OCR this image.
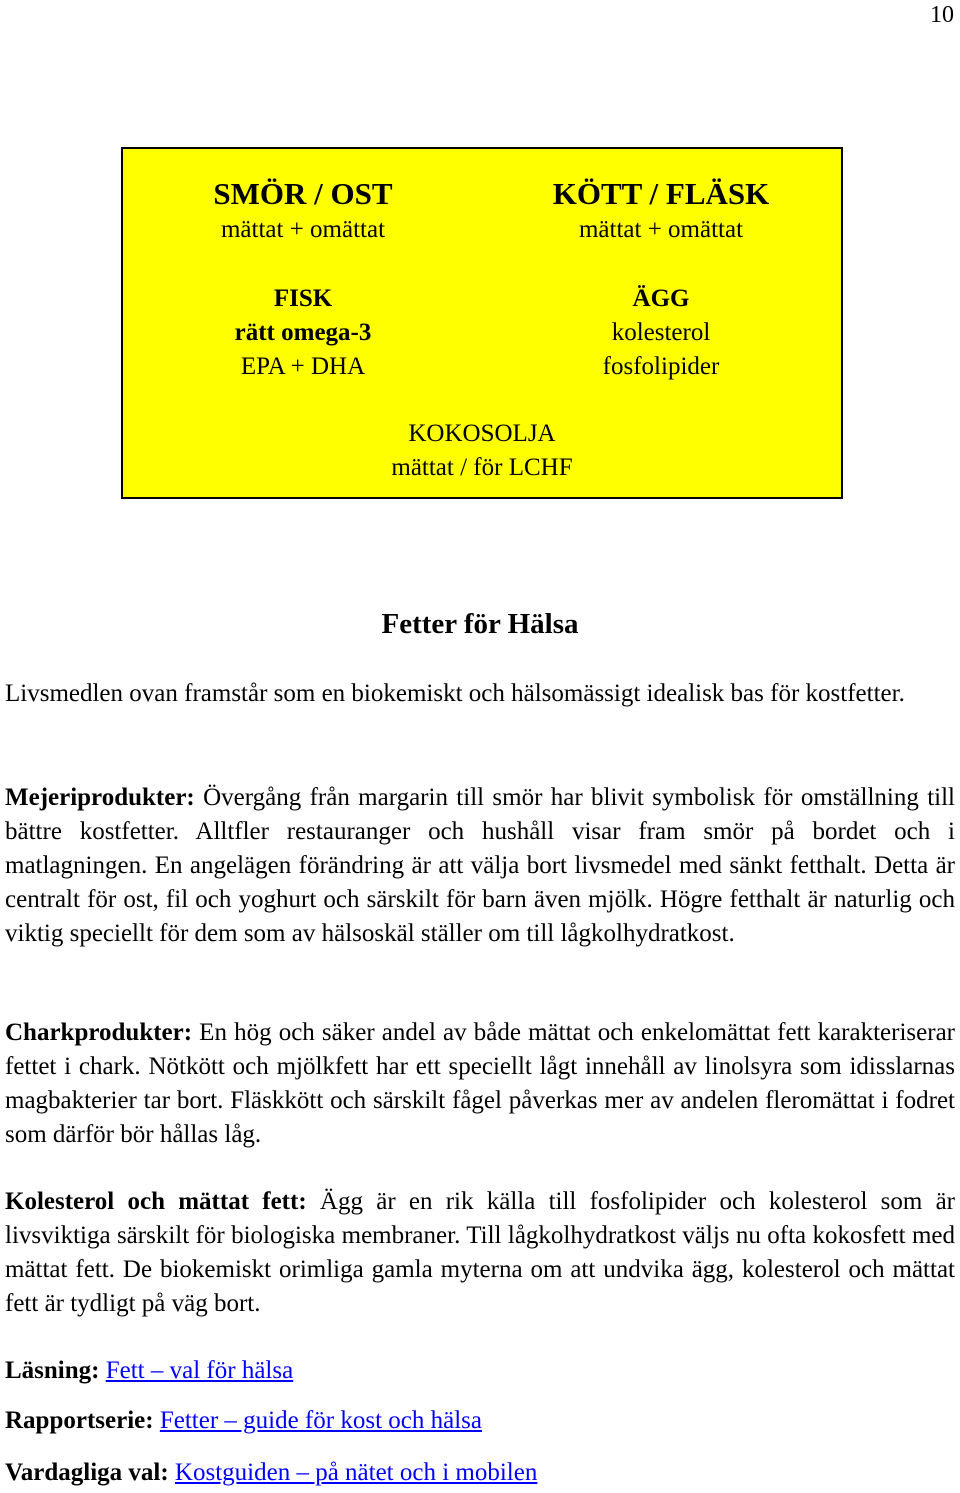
10
SMÖR / OST
mättat + omättat
KÖTT / FLÄSK
mättat + omättat
FISK
rätt omega-3
EPA + DHA
ÄGG
kolesterol
fosfolipider
KOKOSOLJA
mättat / för LCHF
Fetter för Hälsa

Livsmedlen ovan framstår som en biokemiskt och hälsomässigt idealisk bas för kostfetter.

Mejeriprodukter: Övergång från margarin till smör har blivit symbolisk för omställning till bättre kostfetter. Alltfler restauranger och hushåll visar fram smör på bordet och i matlagningen. En angelägen förändring är att välja bort livsmedel med sänkt fetthalt. Detta är centralt för ost, fil och yoghurt och särskilt för barn även mjölk. Högre fetthalt är naturlig och viktig speciellt för dem som av hälsoskäl ställer om till lågkolhydratkost.

Charkprodukter: En hög och säker andel av både mättat och enkelomättat fett karakteriserar fettet i chark. Nötkött och mjölkfett har ett speciellt lågt innehåll av linolsyra som idisslarnas magbakterier tar bort. Fläskkött och särskilt fågel påverkas mer av andelen fleromättat i fodret som därför bör hållas låg.

Kolesterol och mättat fett: Ägg är en rik källa till fosfolipider och kolesterol som är livsviktiga särskilt för biologiska membraner. Till lågkolhydratkost väljs nu ofta kokosfett med mättat fett. De biokemiskt orimliga gamla myterna om att undvika ägg, kolesterol och mättat fett är tydligt på väg bort.

Läsning: Fett – val för hälsa
Rapportserie: Fetter – guide för kost och hälsa
Vardagliga val: Kostguiden – på nätet och i mobilen
